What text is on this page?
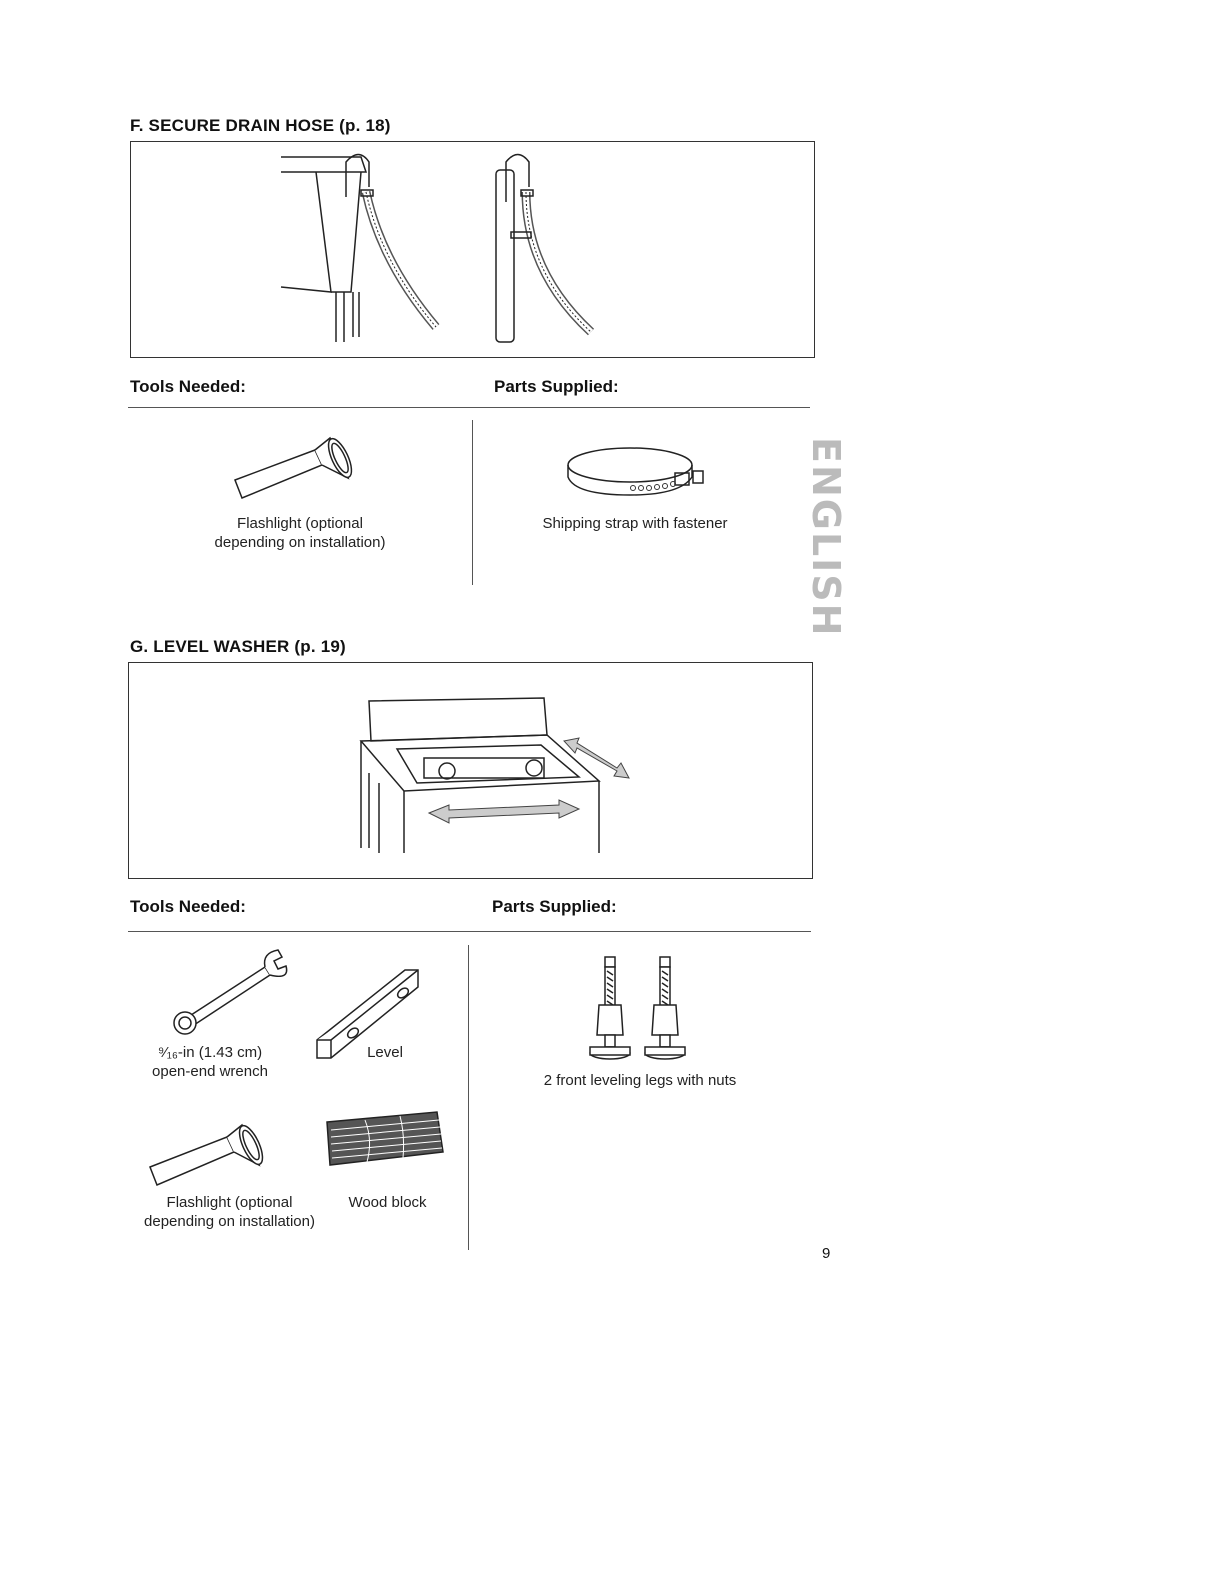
F. SECURE DRAIN HOSE (p. 18)
Tools Needed:	Parts Supplied:
Flashlight (optional
depending on installation)
Shipping strap with fastener
G. LEVEL WASHER (p. 19)
Tools Needed:	Parts Supplied:
⁹⁄₁₆-in (1.43 cm)
open-end wrench
Level
Flashlight (optional
depending on installation)
Wood block
2 front leveling legs with nuts
ENGLISH
9
